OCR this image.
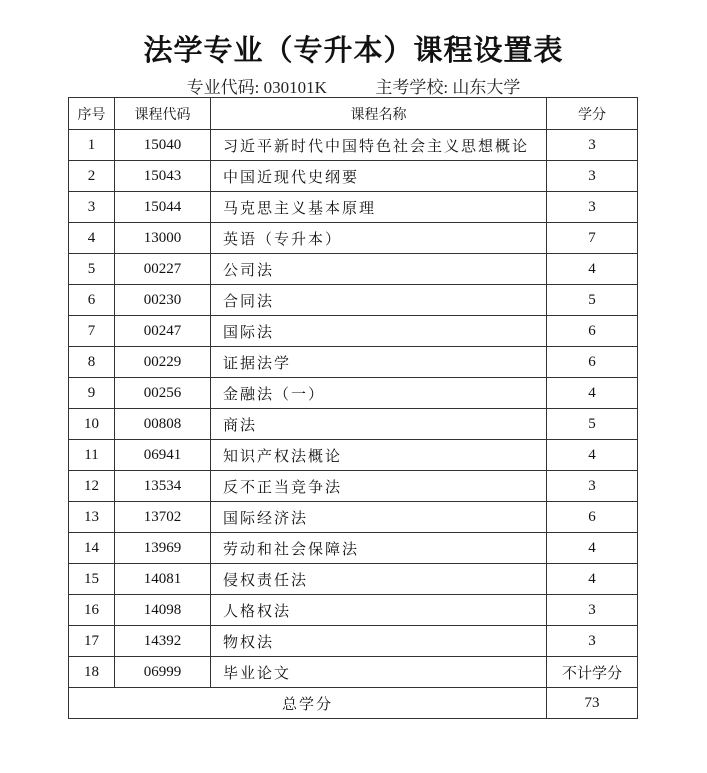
法学专业（专升本）课程设置表
专业代码: 030101K	主考学校: 山东大学
序号	课程代码	课程名称	学分
1	15040	习近平新时代中国特色社会主义思想概论	3
2	15043	中国近现代史纲要	3
3	15044	马克思主义基本原理	3
4	13000	英语（专升本）	7
5	00227	公司法	4
6	00230	合同法	5
7	00247	国际法	6
8	00229	证据法学	6
9	00256	金融法（一）	4
10	00808	商法	5
11	06941	知识产权法概论	4
12	13534	反不正当竞争法	3
13	13702	国际经济法	6
14	13969	劳动和社会保障法	4
15	14081	侵权责任法	4
16	14098	人格权法	3
17	14392	物权法	3
18	06999	毕业论文	不计学分
总学分			73
